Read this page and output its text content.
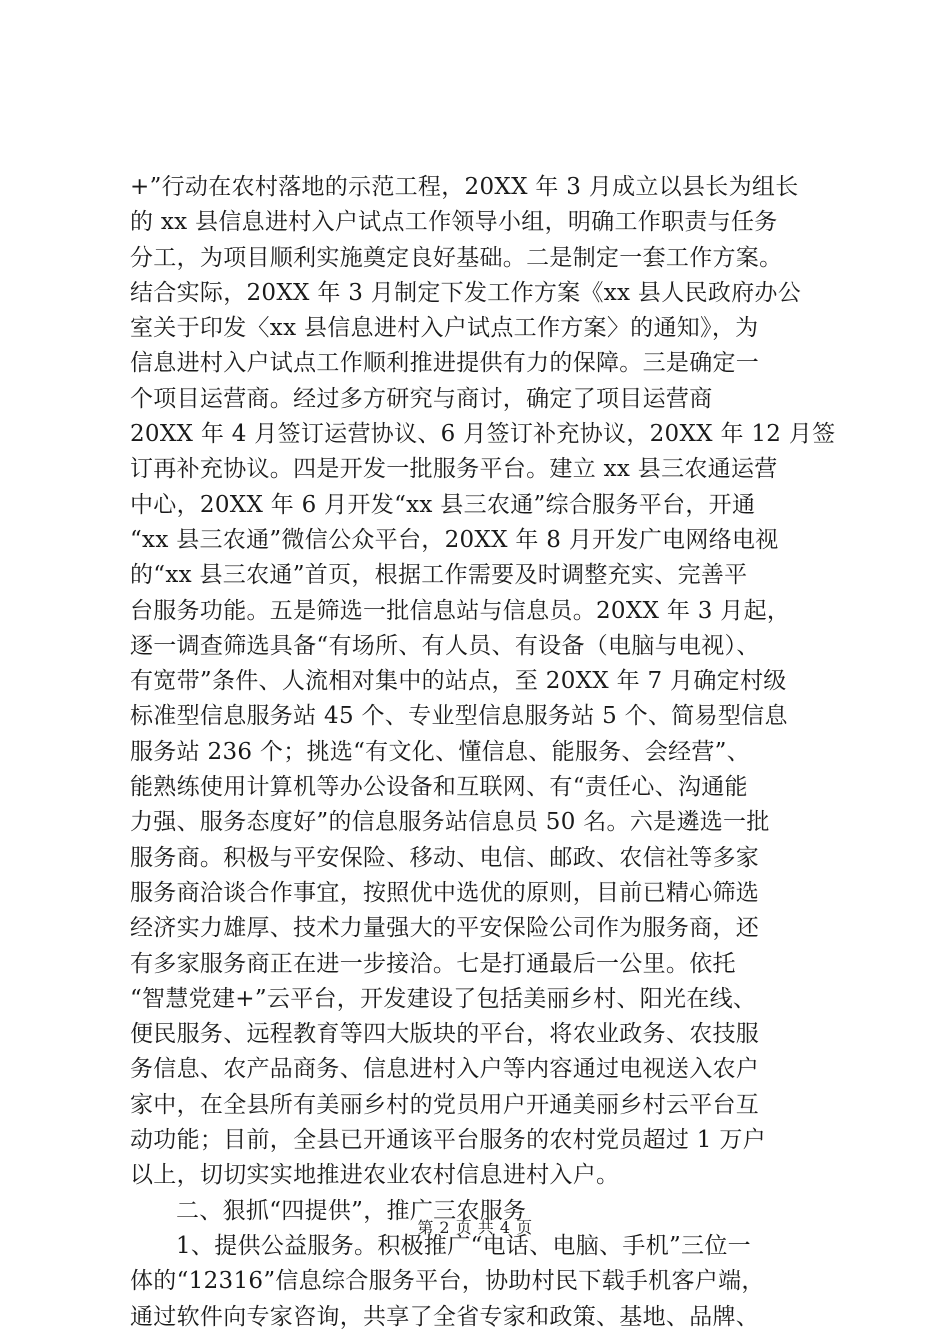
+”行动在农村落地的示范工程，20XX 年 3 月成立以县长为组长
的 xx 县信息进村入户试点工作领导小组，明确工作职责与任务
分工，为项目顺利实施奠定良好基础。二是制定一套工作方案。
结合实际，20XX 年 3 月制定下发工作方案《xx 县人民政府办公
室关于印发〈xx 县信息进村入户试点工作方案〉的通知》，为
信息进村入户试点工作顺利推进提供有力的保障。三是确定一
个项目运营商。经过多方研究与商讨，确定了项目运营商
20XX 年 4 月签订运营协议、6 月签订补充协议，20XX 年 12 月签
订再补充协议。四是开发一批服务平台。建立 xx 县三农通运营
中心，20XX 年 6 月开发“xx 县三农通”综合服务平台，开通
“xx 县三农通”微信公众平台，20XX 年 8 月开发广电网络电视
的“xx 县三农通”首页，根据工作需要及时调整充实、完善平
台服务功能。五是筛选一批信息站与信息员。20XX 年 3 月起，
逐一调查筛选具备“有场所、有人员、有设备（电脑与电视）、
有宽带”条件、人流相对集中的站点，至 20XX 年 7 月确定村级
标准型信息服务站 45 个、专业型信息服务站 5 个、简易型信息
服务站 236 个；挑选“有文化、懂信息、能服务、会经营”、
能熟练使用计算机等办公设备和互联网、有“责任心、沟通能
力强、服务态度好”的信息服务站信息员 50 名。六是遴选一批
服务商。积极与平安保险、移动、电信、邮政、农信社等多家
服务商洽谈合作事宜，按照优中选优的原则，目前已精心筛选
经济实力雄厚、技术力量强大的平安保险公司作为服务商，还
有多家服务商正在进一步接洽。七是打通最后一公里。依托
“智慧党建+”云平台，开发建设了包括美丽乡村、阳光在线、
便民服务、远程教育等四大版块的平台，将农业政务、农技服
务信息、农产品商务、信息进村入户等内容通过电视送入农户
家中，在全县所有美丽乡村的党员用户开通美丽乡村云平台互
动功能；目前，全县已开通该平台服务的农村党员超过 1 万户
以上，切切实实地推进农业农村信息进村入户。
二、狠抓“四提供”，推广三农服务
1、提供公益服务。积极推广“电话、电脑、手机”三位一
体的“12316”信息综合服务平台，协助村民下载手机客户端，
通过软件向专家咨询，共享了全省专家和政策、基地、品牌、
第 2 页 共 4 页
